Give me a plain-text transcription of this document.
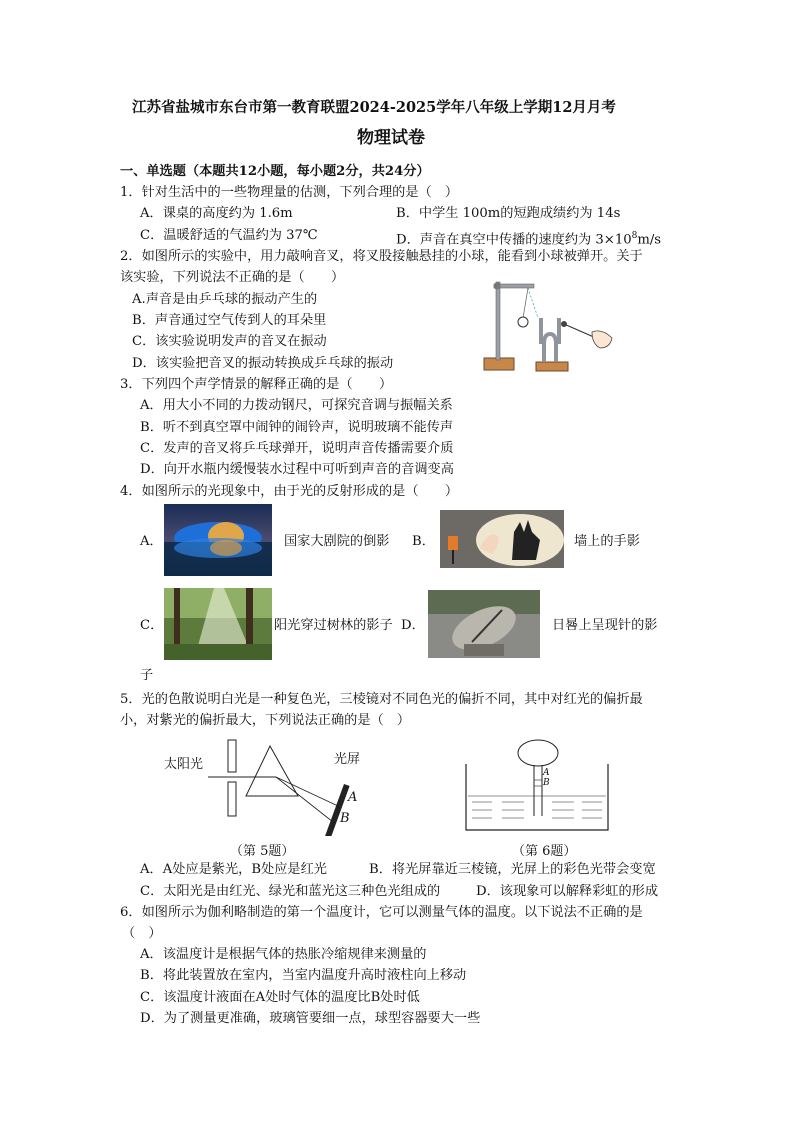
江苏省盐城市东台市第一教育联盟2024-2025学年八年级上学期12月月考
物理试卷
一、单选题（本题共12小题，每小题2分，共24分）
1．针对生活中的一些物理量的估测，下列合理的是（　）
A．课桌的高度约为 1.6m	B．中学生 100m的短跑成绩约为 14s
C．温暖舒适的气温约为 37℃	D．声音在真空中传播的速度约为 $3\times 10^8m/s$
2．如图所示的实验中，用力敲响音叉，将叉股接触悬挂的小球，能看到小球被弹开。关于
该实验，下列说法不正确的是（　　）
A.声音是由乒乓球的振动产生的
B．声音通过空气传到人的耳朵里
C．该实验说明发声的音叉在振动
D．该实验把音叉的振动转换成乒乓球的振动
3．下列四个声学情景的解释正确的是（　　）
A．用大小不同的力拨动钢尺，可探究音调与振幅关系
B．听不到真空罩中闹钟的闹铃声，说明玻璃不能传声
C．发声的音叉将乒乓球弹开，说明声音传播需要介质
D．向开水瓶内缓慢装水过程中可听到声音的音调变高
4．如图所示的光现象中，由于光的反射形成的是（　　）
A．	国家大剧院的倒影 B．	墙上的手影
C．	阳光穿过树林的影子 D．	日晷上呈现针的影
子
5．光的色散说明白光是一种复色光，三棱镜对不同色光的偏折不同，其中对红光的偏折最
小，对紫光的偏折最大，下列说法正确的是（　）
太阳光	光屏
A
B
（第 5题）
A
B
（第 6题）
A．A处应是紫光，B处应是红光	B．将光屏靠近三棱镜，光屏上的彩色光带会变宽
C．太阳光是由红光、绿光和蓝光这三种色光组成的	D．该现象可以解释彩虹的形成
6．如图所示为伽利略制造的第一个温度计，它可以测量气体的温度。以下说法不正确的是
（　）
A．该温度计是根据气体的热胀冷缩规律来测量的
B．将此装置放在室内，当室内温度升高时液柱向上移动
C．该温度计液面在A处时气体的温度比B处时低
D．为了测量更准确，玻璃管要细一点，球型容器要大一些
